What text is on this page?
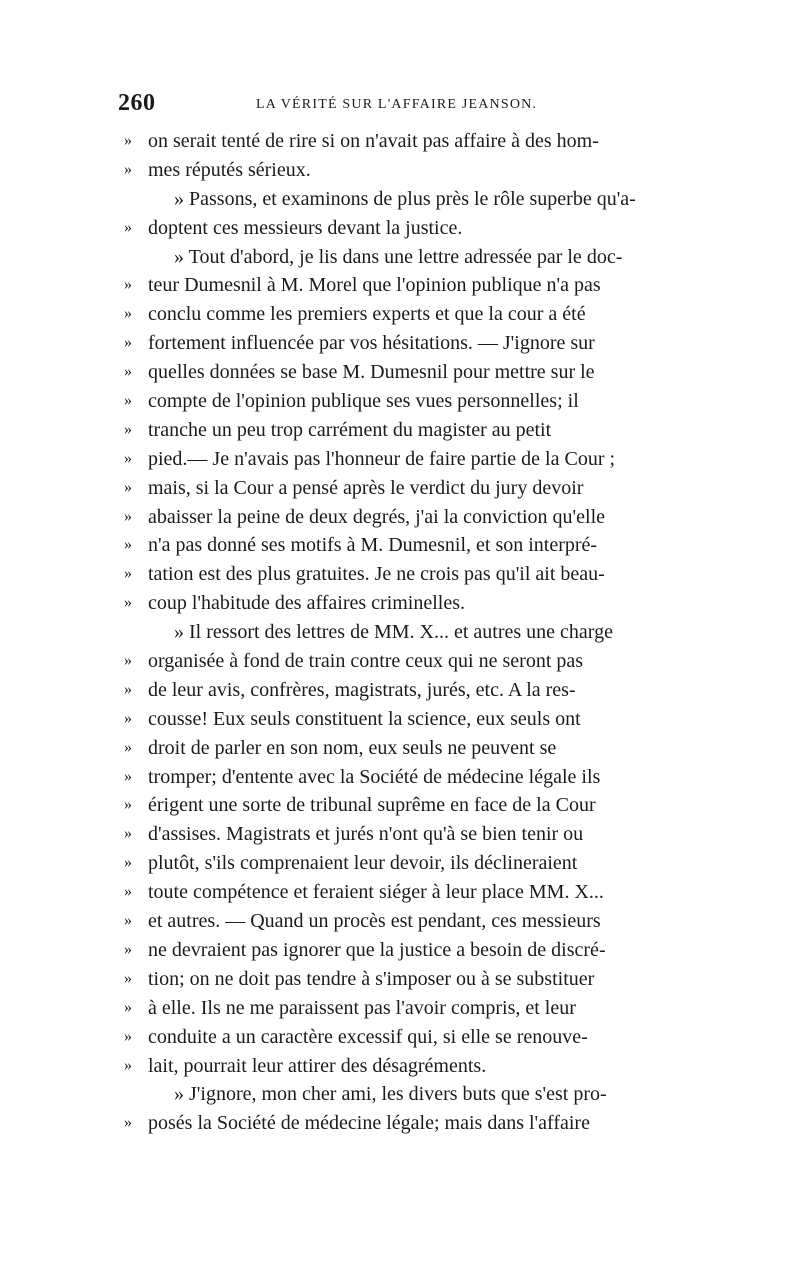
260	LA VÉRITÉ SUR L'AFFAIRE JEANSON.
» on serait tenté de rire si on n'avait pas affaire à des hom-
» mes réputés sérieux.
» Passons, et examinons de plus près le rôle superbe qu'a-
» doptent ces messieurs devant la justice.
» Tout d'abord, je lis dans une lettre adressée par le doc-
» teur Dumesnil à M. Morel que l'opinion publique n'a pas
» conclu comme les premiers experts et que la cour a été
» fortement influencée par vos hésitations. — J'ignore sur
» quelles données se base M. Dumesnil pour mettre sur le
» compte de l'opinion publique ses vues personnelles; il
» tranche un peu trop carrément du magister au petit
» pied.— Je n'avais pas l'honneur de faire partie de la Cour ;
» mais, si la Cour a pensé après le verdict du jury devoir
» abaisser la peine de deux degrés, j'ai la conviction qu'elle
» n'a pas donné ses motifs à M. Dumesnil, et son interpré-
» tation est des plus gratuites. Je ne crois pas qu'il ait beau-
» coup l'habitude des affaires criminelles.
» Il ressort des lettres de MM. X... et autres une charge
» organisée à fond de train contre ceux qui ne seront pas
» de leur avis, confrères, magistrats, jurés, etc. A la res-
» cousse! Eux seuls constituent la science, eux seuls ont
» droit de parler en son nom, eux seuls ne peuvent se
» tromper; d'entente avec la Société de médecine légale ils
» érigent une sorte de tribunal suprême en face de la Cour
» d'assises. Magistrats et jurés n'ont qu'à se bien tenir ou
» plutôt, s'ils comprenaient leur devoir, ils déclineraient
» toute compétence et feraient siéger à leur place MM. X...
» et autres. — Quand un procès est pendant, ces messieurs
» ne devraient pas ignorer que la justice a besoin de discré-
» tion; on ne doit pas tendre à s'imposer ou à se substituer
» à elle. Ils ne me paraissent pas l'avoir compris, et leur
» conduite a un caractère excessif qui, si elle se renouve-
» lait, pourrait leur attirer des désagréments.
» J'ignore, mon cher ami, les divers buts que s'est pro-
» posés la Société de médecine légale; mais dans l'affaire
